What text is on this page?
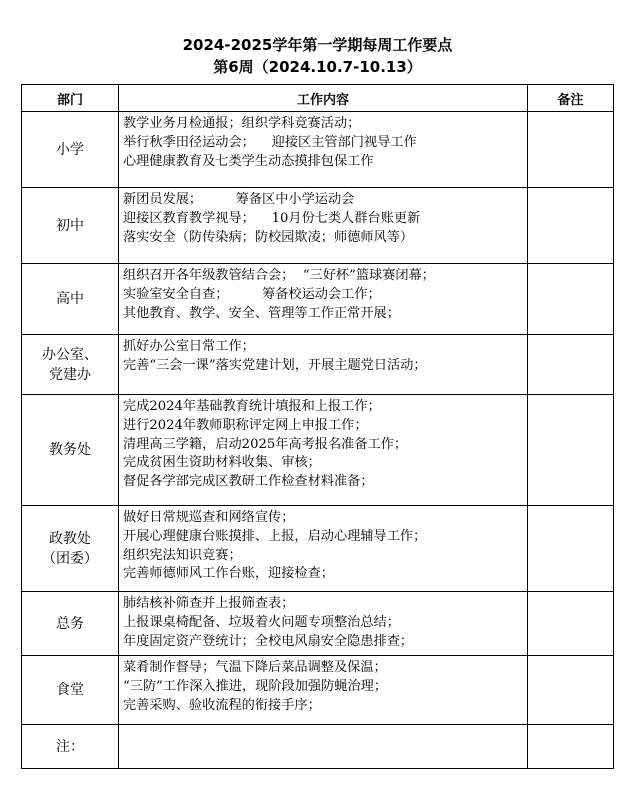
2024-2025学年第一学期每周工作要点
第6周（2024.10.7-10.13）
部门	工作内容	备注

小学	教学业务月检通报；组织学科竞赛活动；
举行秋季田径运动会；    迎接区主管部门视导工作
心理健康教育及七类学生动态摸排包保工作	

初中	新团员发展；        筹备区中小学运动会
迎接区教育教学视导；    10月份七类人群台账更新
落实安全（防传染病；防校园欺凌；师德师风等）	

高中	组织召开各年级教管结合会；  “三好杯”篮球赛闭幕；
实验室安全自查；        筹备校运动会工作；
其他教育、教学、安全、管理等工作正常开展；	

办公室、
党建办	抓好办公室日常工作；
完善“三会一课”落实党建计划，开展主题党日活动；	

教务处	完成2024年基础教育统计填报和上报工作；
进行2024年教师职称评定网上申报工作；
清理高三学籍，启动2025年高考报名准备工作；
完成贫困生资助材料收集、审核；
督促各学部完成区教研工作检查材料准备；	

政教处
（团委）	做好日常规巡查和网络宣传；
开展心理健康台账摸排、上报，启动心理辅导工作；
组织宪法知识竞赛；
完善师德师风工作台账，迎接检查；	

总务	肺结核补筛查并上报筛查表；
上报课桌椅配备、垃圾着火问题专项整治总结；
年度固定资产登统计；全校电风扇安全隐患排查；	

食堂	菜肴制作督导；气温下降后菜品调整及保温；
“三防”工作深入推进，现阶段加强防蝇治理；
完善采购、验收流程的衔接手序；	

注：		
